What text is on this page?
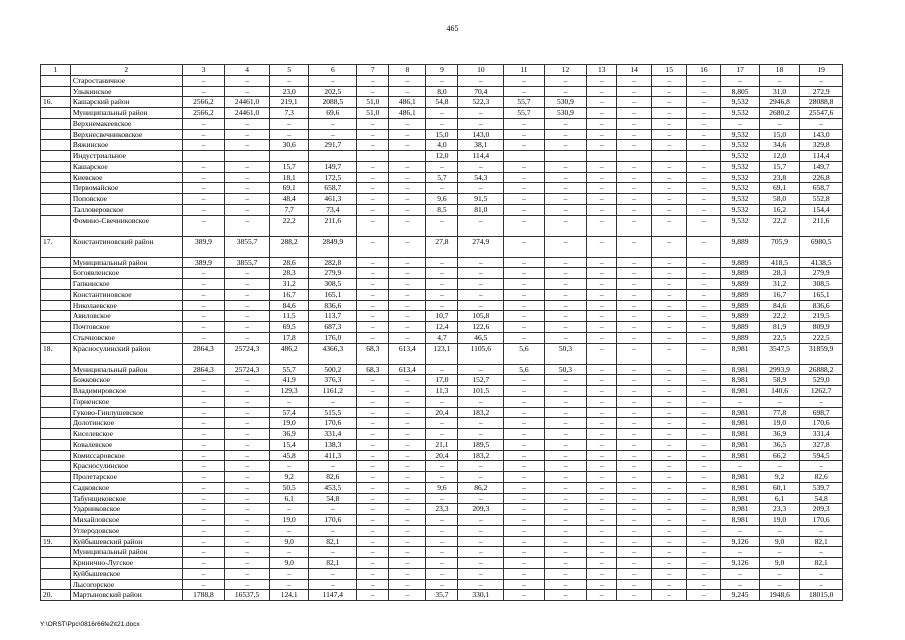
465
1	2	3	4	5	6	7	8	9	10	11	12	13	14	15	16	17	18	19
	Старостаничное	–	–	–	–	–	–	–	–	–	–	–	–	–	–	–	–	–
	Улыкинское	–	–	23,0	202,5	–	–	8,0	70,4	–	–	–	–	–	–	8,805	31,0	272,9
16.	Кашарский район	2566,2	24461,0	219,1	2088,5	51,0	486,1	54,8	522,3	55,7	530,9	–	–	–	–	9,532	2946,8	28088,8
	Муниципальный район	2566,2	24461,0	7,3	69,6	51,0	486,1	–	–	55,7	530,9	–	–	–	–	9,532	2680,2	25547,6
	Верхнемакеевское	–	–	–	–	–	–	–	–	–	–	–	–	–	–	–	–	–
	Верхнесвечниковское	–	–	–	–	–	–	15,0	143,0	–	–	–	–	–	–	9,532	15,0	143,0
	Вяжинское	–	–	30,6	291,7	–	–	4,0	38,1	–	–	–	–	–	–	9,532	34,6	329,8
	Индустриальное							12,0	114,4							9,532	12,0	114,4
	Кашарское	–	–	15,7	149,7	–	–	–	–	–	–	–	–	–	–	9,532	15,7	149,7
	Киевское	–	–	18,1	172,5	–	–	5,7	54,3	–	–	–	–	–	–	9,532	23,8	226,8
	Первомайское	–	–	69,1	658,7	–	–	–	–	–	–	–	–	–	–	9,532	69,1	658,7
	Поповское	–	–	48,4	461,3	–	–	9,6	91,5	–	–	–	–	–	–	9,532	58,0	552,8
	Талловеровское	–	–	7,7	73,4	–	–	8,5	81,0	–	–	–	–	–	–	9,532	16,2	154,4
	Фомино-Свечниковское	–	–	22,2	211,6	–	–	–	–	–	–	–	–	–	–	9,532	22,2	211,6
17.	Константиновский район	389,9	3855,7	288,2	2849,9	–	–	27,8	274,9	–	–	–	–	–	–	9,889	705,9	6980,5
	Муниципальный район	389,9	3855,7	28,6	282,8	–	–	–	–	–	–	–	–	–	–	9,889	418,5	4138,5
	Богоявленское	–	–	28,3	279,9	–	–	–	–	–	–	–	–	–	–	9,889	28,3	279,9
	Гапкинское	–	–	31,2	308,5	–	–	–	–	–	–	–	–	–	–	9,889	31,2	308,5
	Константиновское	–	–	16,7	165,1	–	–	–	–	–	–	–	–	–	–	9,889	16,7	165,1
	Николаевское	–	–	84,6	836,6	–	–	–	–	–	–	–	–	–	–	9,889	84,6	836,6
	Авиловское	–	–	11,5	113,7	–	–	10,7	105,8	–	–	–	–	–	–	9,889	22,2	219,5
	Почтовское	–	–	69,5	687,3	–	–	12,4	122,6	–	–	–	–	–	–	9,889	81,9	809,9
	Стычновское	–	–	17,8	176,0	–	–	4,7	46,5	–	–	–	–	–	–	9,889	22,5	222,5
18.	Красносулинский район	2864,3	25724,3	486,2	4366,3	68,3	613,4	123,1	1105,6	5,6	50,3	–	–	–	–	8,981	3547,5	31859,9
	Муниципальный район	2864,3	25724,3	55,7	500,2	68,3	613,4	–	–	5,6	50,3	–	–	–	–	8,981	2993,9	26888,2
	Божковское	–	–	41,9	376,3	–	–	17,0	152,7	–	–	–	–	–	–	8,981	58,9	529,0
	Владимировское	–	–	129,3	1161,2	–	–	11,3	101,5	–	–	–	–	–	–	8,981	140,6	1262,7
	Горненское	–	–	–	–	–	–	–	–	–	–	–	–	–	–	–	–	–
	Гуково-Гнилушевское	–	–	57,4	515,5	–	–	20,4	183,2	–	–	–	–	–	–	8,981	77,8	698,7
	Долотинское	–	–	19,0	170,6	–	–	–	–	–	–	–	–	–	–	8,981	19,0	170,6
	Киселевское	–	–	36,9	331,4	–	–	–	–	–	–	–	–	–	–	8,981	36,9	331,4
	Ковалевское	–	–	15,4	138,3	–	–	21,1	189,5	–	–	–	–	–	–	8,981	36,5	327,8
	Комиссаровское	–	–	45,8	411,3	–	–	20,4	183,2	–	–	–	–	–	–	8,981	66,2	594,5
	Красносулинское	–	–	–	–	–	–	–	–	–	–	–	–	–	–	–	–	–
	Пролетарское	–	–	9,2	82,6	–	–	–	–	–	–	–	–	–	–	8,981	9,2	82,6
	Садковское	–	–	50,5	453,5	–	–	9,6	86,2	–	–	–	–	–	–	8,981	60,1	539,7
	Табунщиковское	–	–	6,1	54,8	–	–	–	–	–	–	–	–	–	–	8,981	6,1	54,8
	Ударниковское	–	–	–	–	–	–	23,3	209,3	–	–	–	–	–	–	8,981	23,3	209,3
	Михайловское	–	–	19,0	170,6	–	–	–	–	–	–	–	–	–	–	8,981	19,0	170,6
	Углеродовское	–	–	–	–	–	–	–	–	–	–	–	–	–	–	–	–	–
19.	Куйбышевский район	–	–	9,0	82,1	–	–	–	–	–	–	–	–	–	–	9,126	9,0	82,1
	Муниципальный район	–	–	–	–	–	–	–	–	–	–	–	–	–	–	–	–	–
	Кринично-Лугское	–	–	9,0	82,1	–	–	–	–	–	–	–	–	–	–	9,126	9,0	82,1
	Куйбышевское	–	–	–	–	–	–	–	–	–	–	–	–	–	–	–	–	–
	Лысогорское	–	–	–	–	–	–	–	–	–	–	–	–	–	–	–	–	–
20.	Мартыновский район	1788,8	16537,5	124,1	1147,4	–	–	35,7	330,1	–	–	–	–	–	–	9,245	1948,6	18015,0
Y:\ORST\Ppc\0816r66fe2\t21.docx
